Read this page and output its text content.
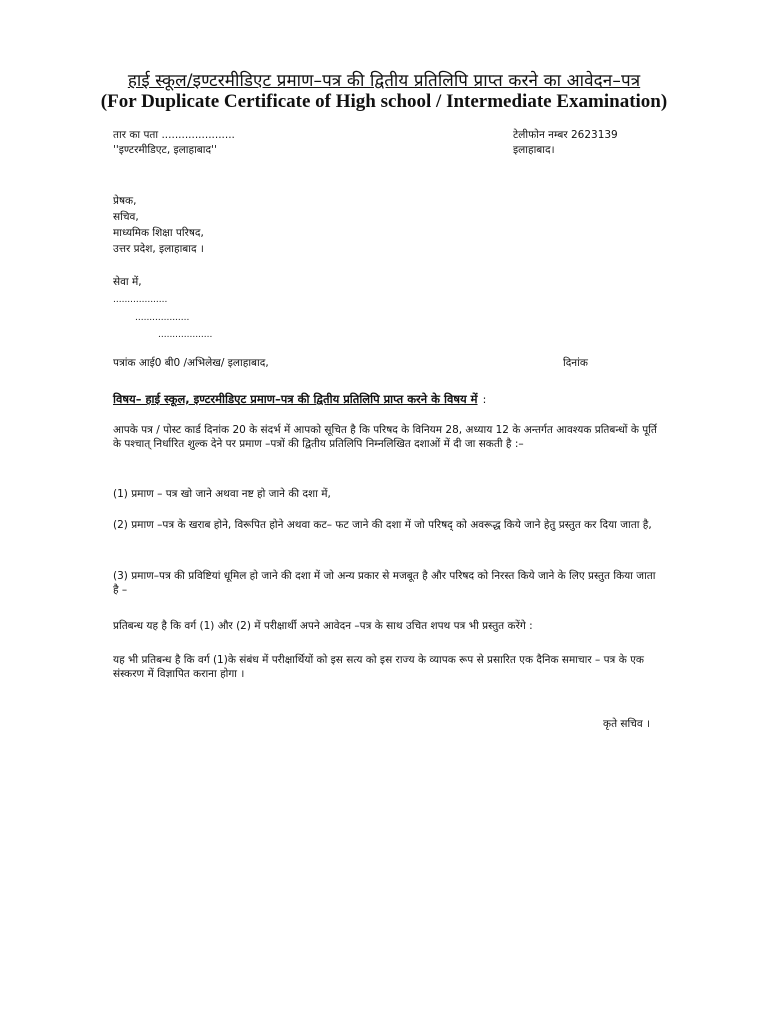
हाई स्कूल/इण्टरमीडिएट प्रमाण–पत्र की द्वितीय प्रतिलिपि प्राप्त करने का आवेदन–पत्र
(For Duplicate Certificate of High school / Intermediate Examination)
तार का पता ......................
''इण्टरमीडिएट, इलाहाबाद''
टेलीफोन नम्बर 2623139
इलाहाबाद।
प्रेषक,
सचिव,
माध्यमिक शिक्षा परिषद,
उत्तर प्रदेश, इलाहाबाद ।
सेवा में,
...................
...................
...................
पत्रांक आई0 बी0 /अभिलेख/ इलाहाबाद,	दिनांक
विषय– हाई स्कूल, इण्टरमीडिएट प्रमाण–पत्र की द्वितीय प्रतिलिपि प्राप्त करने के विषय में :
आपके पत्र / पोस्ट कार्ड दिनांक 20 के संदर्भ में आपको सूचित है कि परिषद के विनियम 28, अध्याय 12 के अन्तर्गत आवश्यक प्रतिबन्धों के पूर्ति के पश्चात् निर्धारित शुल्क देने पर प्रमाण –पत्रों की द्वितीय प्रतिलिपि निम्नलिखित दशाओं में दी जा सकती है :–
(1) प्रमाण – पत्र खो जाने अथवा नष्ट हो जाने की दशा में,
(2) प्रमाण –पत्र के खराब होने, विरूपित होने अथवा कट– फट जाने की दशा में जो परिषद् को अवरूद्ध किये जाने हेतु प्रस्तुत कर दिया जाता है,
(3) प्रमाण–पत्र की प्रविष्टियां धूमिल हो जाने की दशा में जो अन्य प्रकार से मजबूत है और परिषद को निरस्त किये जाने के लिए प्रस्तुत किया जाता है –
प्रतिबन्ध यह है कि वर्ग (1) और (2) में परीक्षार्थी अपने आवेदन –पत्र के साथ उचित शपथ पत्र भी प्रस्तुत करेंगे :
यह भी प्रतिबन्ध है कि वर्ग (1)के संबंध में परीक्षार्थियों को इस सत्य को इस राज्य के व्यापक रूप से प्रसारित एक दैनिक समाचार – पत्र के एक संस्करण में विज्ञापित कराना होगा ।
कृते सचिव ।
